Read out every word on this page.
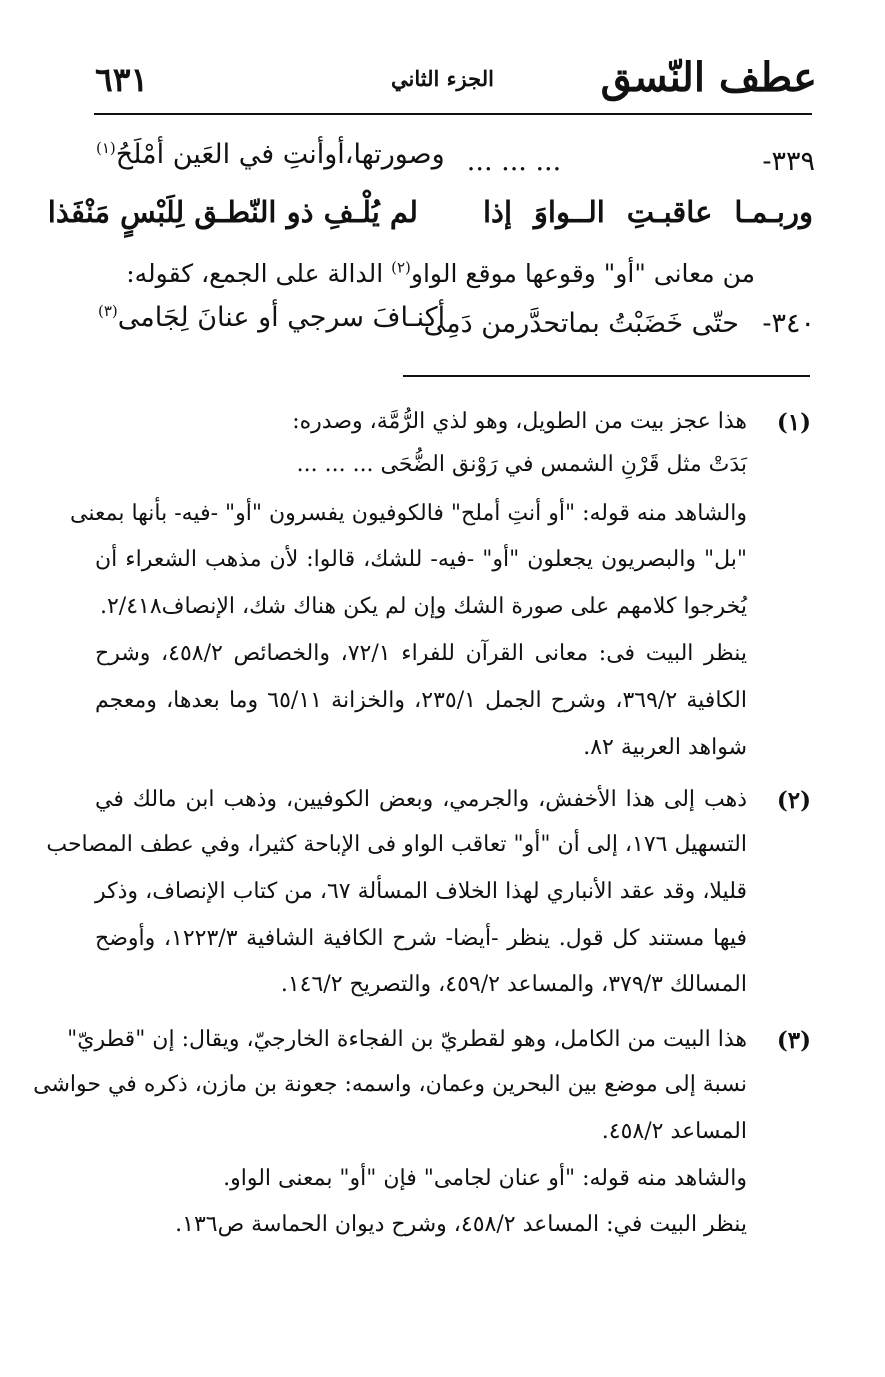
عطف النّسق
الجزء الثاني
٦٣١
٣٣٩-
... ... ...
وصورتها،أوأنتِ في العَين أمْلَحُ$^{(١)}$
وربـمـا عاقبـتِ الــواوَ إذا
لم يُلْـفِ ذو النّطـق لِلَبْسٍ مَنْفَذا
من معانى "أو" وقوعها موقع الواو$^{(٢)}$ الدالة على الجمع، كقوله:
٣٤٠-
حتّى خَضَبْتُ بماتحدَّرمن دَمِى
أكنـافَ سرجي أو عنانَ لِجَامى$^{(٣)}$
(١)
هذا عجز بيت من الطويل، وهو لذي الرُّمَّة، وصدره:
بَدَتْ مثل قَرْنِ الشمس في رَوْنق الضُّحَى ... ... ...
والشاهد منه قوله: "أو أنتِ أملح" فالكوفيون يفسرون "أو" -فيه- بأنها بمعنى
"بل" والبصريون يجعلون "أو" -فيه- للشك، قالوا: لأن مذهب الشعراء أن
يُخرجوا كلامهم على صورة الشك وإن لم يكن هناك شك، الإنصاف٢/٤١٨.
ينظر البيت فى: معانى القرآن للفراء ٧٢/١، والخصائص ٤٥٨/٢، وشرح
الكافية ٣٦٩/٢، وشرح الجمل ٢٣٥/١، والخزانة ٦٥/١١ وما بعدها، ومعجم
شواهد العربية ٨٢.
(٢)
ذهب إلى هذا الأخفش، والجرمي، وبعض الكوفيين، وذهب ابن مالك في
التسهيل ١٧٦، إلى أن "أو" تعاقب الواو فى الإباحة كثيرا، وفي عطف المصاحب
قليلا، وقد عقد الأنباري لهذا الخلاف المسألة ٦٧، من كتاب الإنصاف، وذكر
فيها مستند كل قول. ينظر -أيضا- شرح الكافية الشافية ١٢٢٣/٣، وأوضح
المسالك ٣٧٩/٣، والمساعد ٤٥٩/٢، والتصريح ١٤٦/٢.
(٣)
هذا البيت من الكامل، وهو لقطريّ بن الفجاءة الخارجيّ، ويقال: إن "قطريّ"
نسبة إلى موضع بين البحرين وعمان، واسمه: جعونة بن مازن، ذكره في حواشى
المساعد ٤٥٨/٢.
والشاهد منه قوله: "أو عنان لجامى" فإن "أو" بمعنى الواو.
ينظر البيت في: المساعد ٤٥٨/٢، وشرح ديوان الحماسة ص١٣٦.
